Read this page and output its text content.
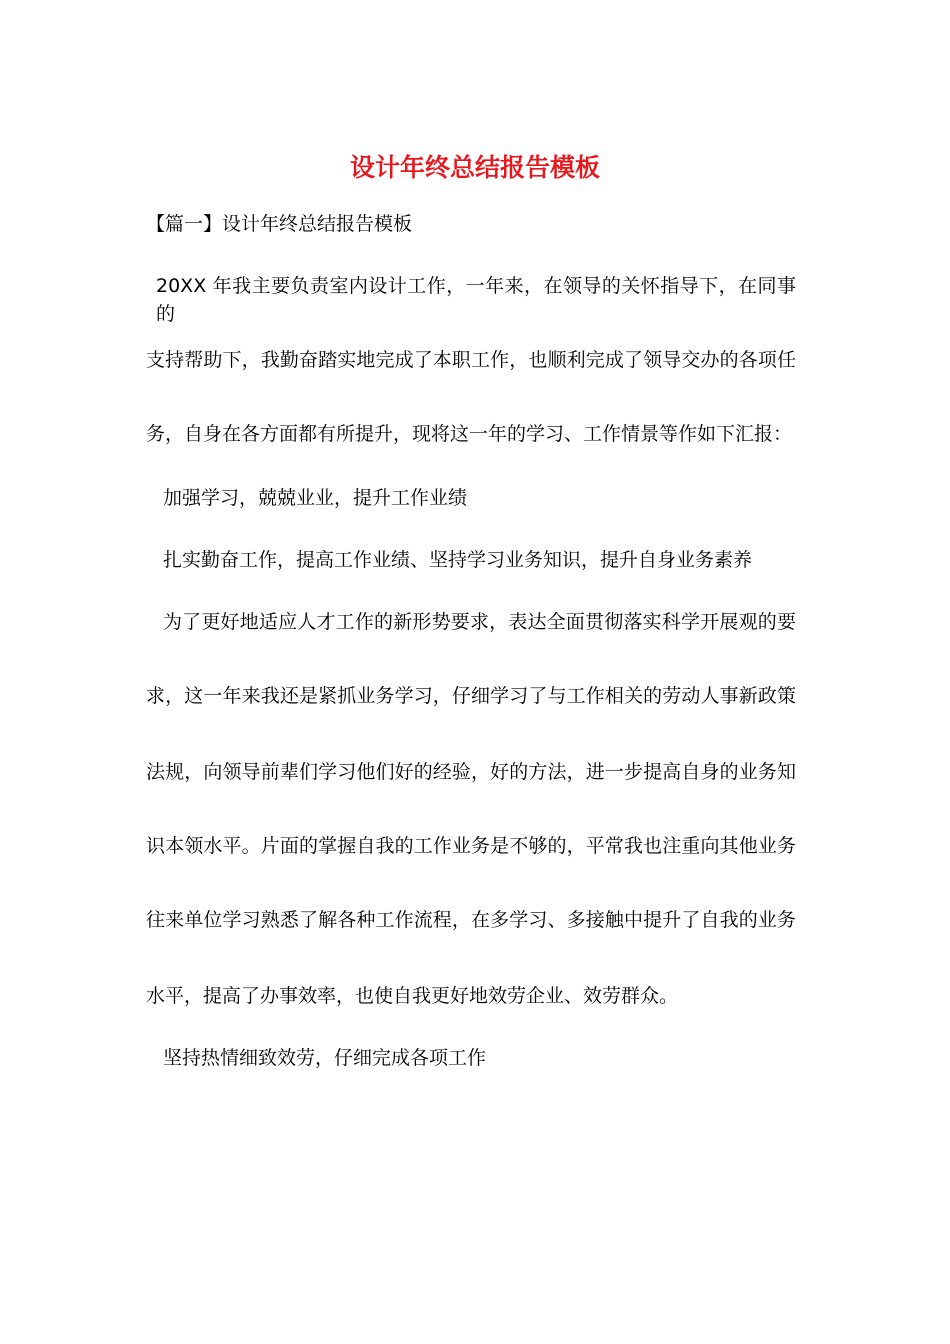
设计年终总结报告模板
【篇一】设计年终总结报告模板
20XX 年我主要负责室内设计工作，一年来，在领导的关怀指导下，在同事的
支持帮助下，我勤奋踏实地完成了本职工作，也顺利完成了领导交办的各项任
务，自身在各方面都有所提升，现将这一年的学习、工作情景等作如下汇报：
加强学习，兢兢业业，提升工作业绩
扎实勤奋工作，提高工作业绩、坚持学习业务知识，提升自身业务素养
为了更好地适应人才工作的新形势要求，表达全面贯彻落实科学开展观的要
求，这一年来我还是紧抓业务学习，仔细学习了与工作相关的劳动人事新政策
法规，向领导前辈们学习他们好的经验，好的方法，进一步提高自身的业务知
识本领水平。片面的掌握自我的工作业务是不够的，平常我也注重向其他业务
往来单位学习熟悉了解各种工作流程，在多学习、多接触中提升了自我的业务
水平，提高了办事效率，也使自我更好地效劳企业、效劳群众。
坚持热情细致效劳，仔细完成各项工作
